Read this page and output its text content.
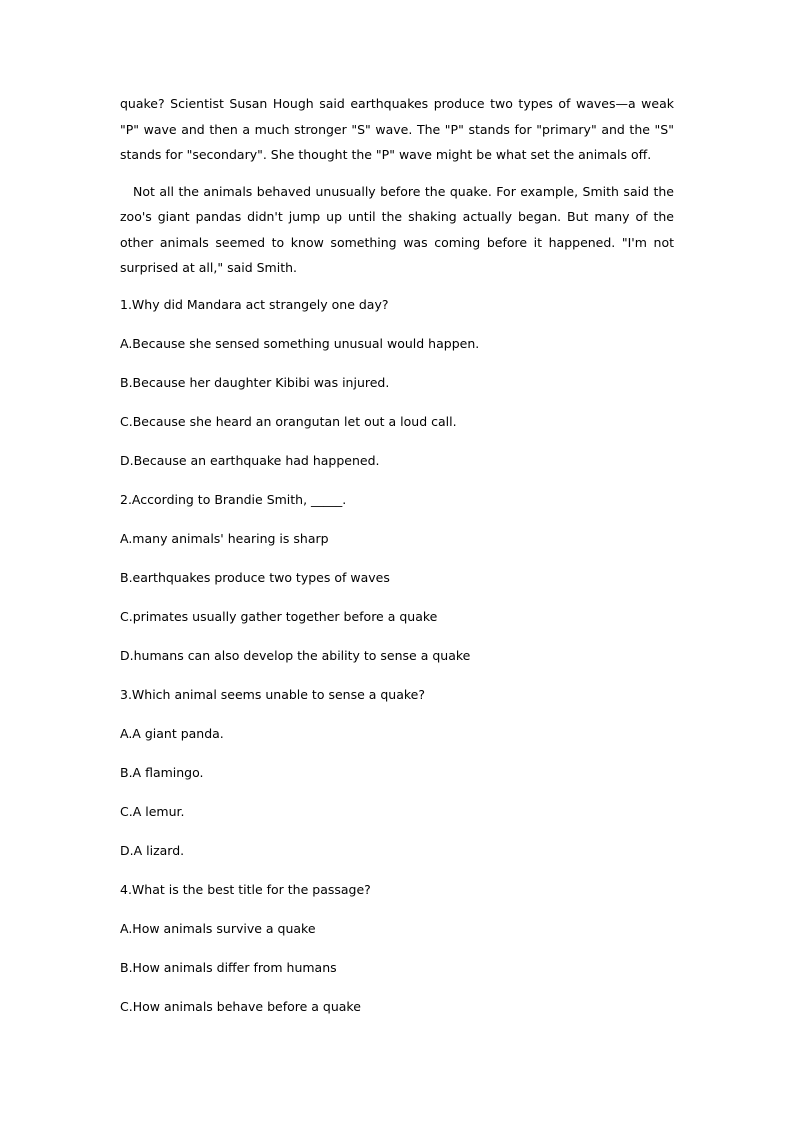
quake? Scientist Susan Hough said earthquakes produce two types of waves—a weak "P" wave and then a much stronger "S" wave. The "P" stands for "primary" and the "S" stands for "secondary". She thought the "P" wave might be what set the animals off.

Not all the animals behaved unusually before the quake. For example, Smith said the zoo's giant pandas didn't jump up until the shaking actually began. But many of the other animals seemed to know something was coming before it happened. "I'm not surprised at all," said Smith.

1.Why did Mandara act strangely one day?
A.Because she sensed something unusual would happen.
B.Because her daughter Kibibi was injured.
C.Because she heard an orangutan let out a loud call.
D.Because an earthquake had happened.
2.According to Brandie Smith, _____.
A.many animals' hearing is sharp
B.earthquakes produce two types of waves
C.primates usually gather together before a quake
D.humans can also develop the ability to sense a quake
3.Which animal seems unable to sense a quake?
A.A giant panda.
B.A flamingo.
C.A lemur.
D.A lizard.
4.What is the best title for the passage?
A.How animals survive a quake
B.How animals differ from humans
C.How animals behave before a quake
